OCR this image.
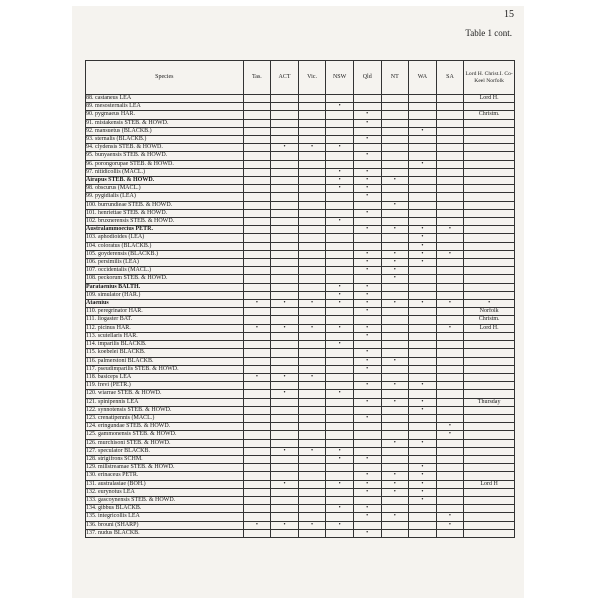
15
Table 1 cont.
Species	Tas.	ACT	Vic.	NSW	Qld	NT	WA	SA	Lord H. Christ.I. Co-Keel Norfolk
88. castaneus LEA									Lord H.
89. mesosternalis LEA				•					
90. pygmaeus HAR.					•				Christm.
91. mistakensis STEB. & HOWD.					•				
92. mansuetus (BLACKB.)							•		
93. sternalis (BLACKB.)					•				
94. clydensis STEB. & HOWD.		•	•	•					
95. bunyaensis STEB. & HOWD.					•				
96. porongorupae STEB. & HOWD.							•		
97. nitidicollis (MACL.)				•	•				
Airapus STEB. & HOWD.				•	•	•			
98. obscurus (MACL.)				•	•				
99. pygidialis (LEA)					•				
100. burrundieae STEB. & HOWD.						•			
101. henriettae STEB. & HOWD.					•				
102. bruxnerensis STEB. & HOWD.				•					
Australammoecius PETR.					•	•	•	•	
103. aphodioides (LEA)							•		
104. coloratus (BLACKB.)							•		
105. goyderensis (BLACKB.)					•	•	•	•	
106. persimilis (LEA)					•	•	•		
107. occidentalis (MACL.)					•	•			
108. peckorum STEB. & HOWD.						•			
Parataenius BALTH.				•	•				
109. simulator (HAR.)				•	•				
Ataenius	•	•	•	•	•	•	•	•	•
110. peregrinator HAR.					•				Norfolk
111. liogaster BAT.									Christm.
112. picinus HAR.	•	•	•	•	•			•	Lord H.
113. scutellaris HAR.					•				
114. imparilis BLACKB.				•					
115. koebelei BLACKB.					•				
116. palmerstoni BLACKB.					•	•			
117. pseudimparilis STEB. & HOWD.					•				
118. basiceps LEA	•	•	•						
119. frevi (PETR.)					•	•	•		
120. wiarrae STEB. & HOWD.		•		•					
121. spinipennis LEA					•	•	•		Thursday
122. synnotensis STEB. & HOWD.							•		
123. crenatipennis (MACL.)					•				
124. eringundae STEB. & HOWD.								•	
125. gammonensis STEB. & HOWD.								•	
126. murchisoni STEB. & HOWD.						•	•		
127. speculator BLACKB.		•	•	•					
128. strigifrons SCHM.				•	•				
129. millstreamae STEB. & HOWD.							•		
130. erinaceus PETR.					•	•	•		
131. australasiae (BOH.)		•		•	•	•	•		Lord H
132. eurynotus LEA					•	•	•		
133. gascoynensis STEB. & HOWD.							•		
134. gibbus BLACKB.				•	•				
135. integricollis LEA					•	•		•	
136. brouni (SHARP)	•	•	•	•				•	
137. nudus BLACKB.					•				
